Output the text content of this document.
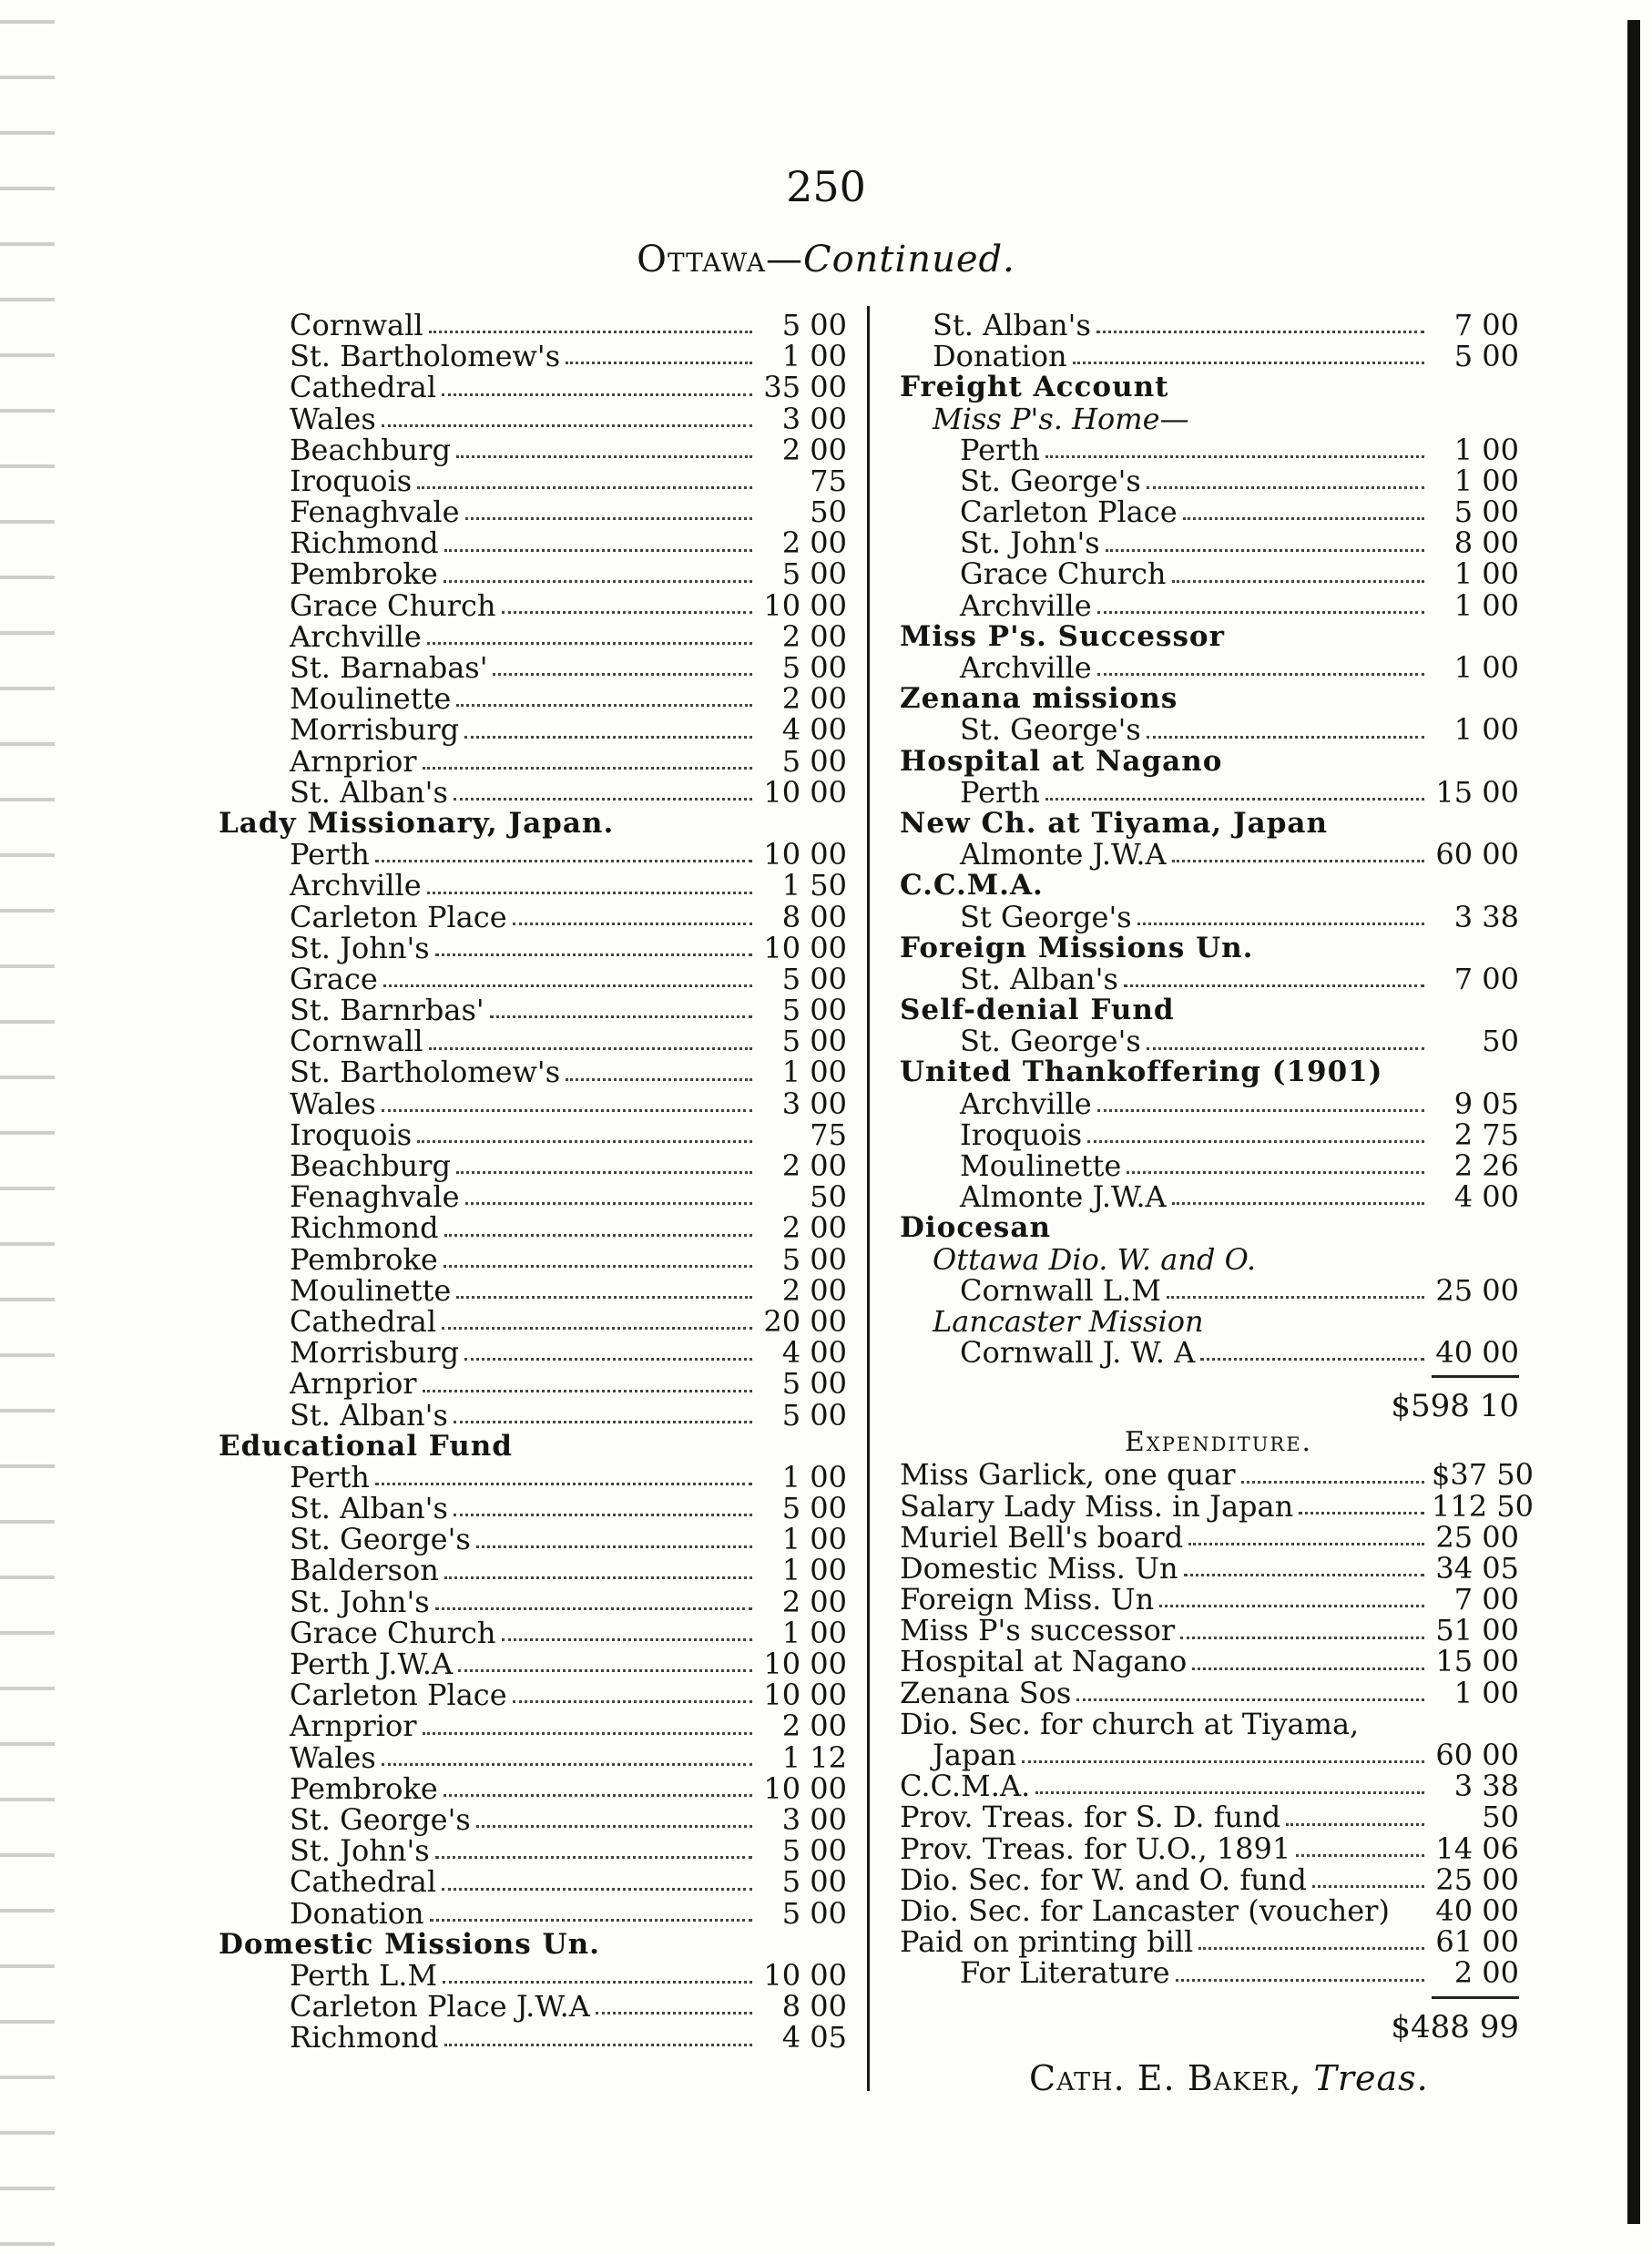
250
Ottawa—Continued.
Cornwall	5 00
St. Bartholomew's	1 00
Cathedral	35 00
Wales	3 00
Beachburg	2 00
Iroquois	75
Fenaghvale	50
Richmond	2 00
Pembroke	5 00
Grace Church	10 00
Archville	2 00
St. Barnabas'	5 00
Moulinette	2 00
Morrisburg	4 00
Arnprior	5 00
St. Alban's	10 00
Lady Missionary, Japan.
Perth	10 00
Archville	1 50
Carleton Place	8 00
St. John's	10 00
Grace	5 00
St. Barnrbas'	5 00
Cornwall	5 00
St. Bartholomew's	1 00
Wales	3 00
Iroquois	75
Beachburg	2 00
Fenaghvale	50
Richmond	2 00
Pembroke	5 00
Moulinette	2 00
Cathedral	20 00
Morrisburg	4 00
Arnprior	5 00
St. Alban's	5 00
Educational Fund
Perth	1 00
St. Alban's	5 00
St. George's	1 00
Balderson	1 00
St. John's	2 00
Grace Church	1 00
Perth J.W.A	10 00
Carleton Place	10 00
Arnprior	2 00
Wales	1 12
Pembroke	10 00
St. George's	3 00
St. John's	5 00
Cathedral	5 00
Donation	5 00
Domestic Missions Un.
Perth L.M	10 00
Carleton Place J.W.A	8 00
Richmond	4 05
St. Alban's	7 00
Donation	5 00
Freight Account
Miss P's. Home—
Perth	1 00
St. George's	1 00
Carleton Place	5 00
St. John's	8 00
Grace Church	1 00
Archville	1 00
Miss P's. Successor
Archville	1 00
Zenana missions
St. George's	1 00
Hospital at Nagano
Perth	15 00
New Ch. at Tiyama, Japan
Almonte J.W.A	60 00
C.C.M.A.
St George's	3 38
Foreign Missions Un.
St. Alban's	7 00
Self-denial Fund
St. George's	50
United Thankoffering (1901)
Archville	9 05
Iroquois	2 75
Moulinette	2 26
Almonte J.W.A	4 00
Diocesan
Ottawa Dio. W. and O.
Cornwall L.M	25 00
Lancaster Mission
Cornwall J. W. A	40 00
$598 10
Expenditure.
Miss Garlick, one quar	$37 50
Salary Lady Miss. in Japan	112 50
Muriel Bell's board	25 00
Domestic Miss. Un	34 05
Foreign Miss. Un	7 00
Miss P's successor	51 00
Hospital at Nagano	15 00
Zenana Sos	1 00
Dio. Sec. for church at Tiyama,
Japan	60 00
C.C.M.A.	3 38
Prov. Treas. for S. D. fund	50
Prov. Treas. for U.O., 1891	14 06
Dio. Sec. for W. and O. fund	25 00
Dio. Sec. for Lancaster (voucher) 40 00
Paid on printing bill	61 00
For Literature	2 00
$488 99
Cath. E. Baker, Treas.
